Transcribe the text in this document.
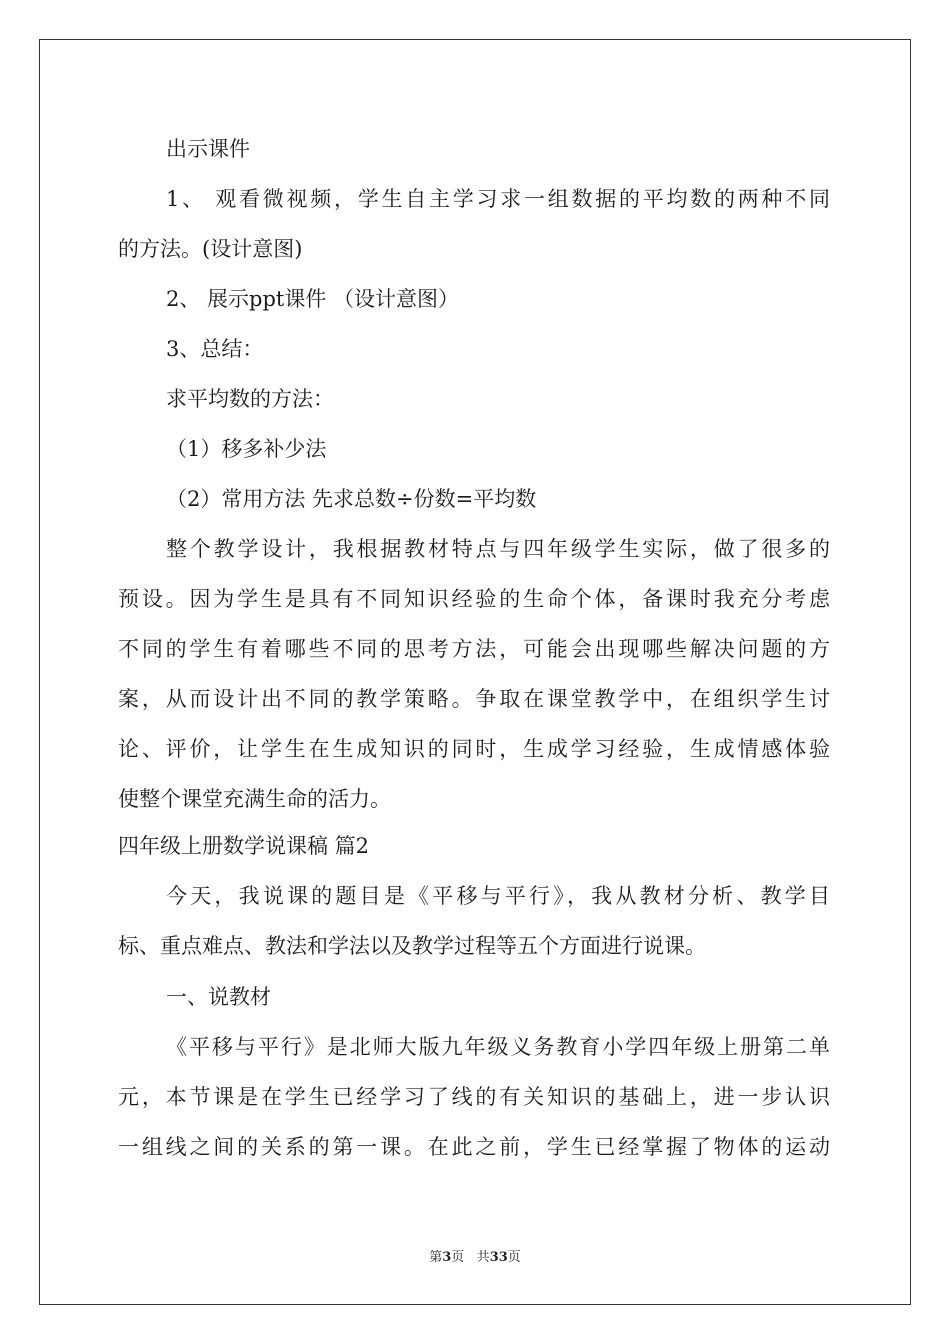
出示课件
1、 观看微视频，学生自主学习求一组数据的平均数的两种不同
的方法。(设计意图)
2、 展示ppt课件 （设计意图）
3、总结：
求平均数的方法：
（1）移多补少法
（2）常用方法 先求总数÷份数=平均数
整个教学设计，我根据教材特点与四年级学生实际，做了很多的
预设。因为学生是具有不同知识经验的生命个体，备课时我充分考虑
不同的学生有着哪些不同的思考方法，可能会出现哪些解决问题的方
案，从而设计出不同的教学策略。争取在课堂教学中，在组织学生讨
论、评价，让学生在生成知识的同时，生成学习经验，生成情感体验
使整个课堂充满生命的活力。
四年级上册数学说课稿 篇2
今天，我说课的题目是《平移与平行》，我从教材分析、教学目
标、重点难点、教法和学法以及教学过程等五个方面进行说课。
一、说教材
《平移与平行》是北师大版九年级义务教育小学四年级上册第二单
元，本节课是在学生已经学习了线的有关知识的基础上，进一步认识
一组线之间的关系的第一课。在此之前，学生已经掌握了物体的运动
第3页 共33页
